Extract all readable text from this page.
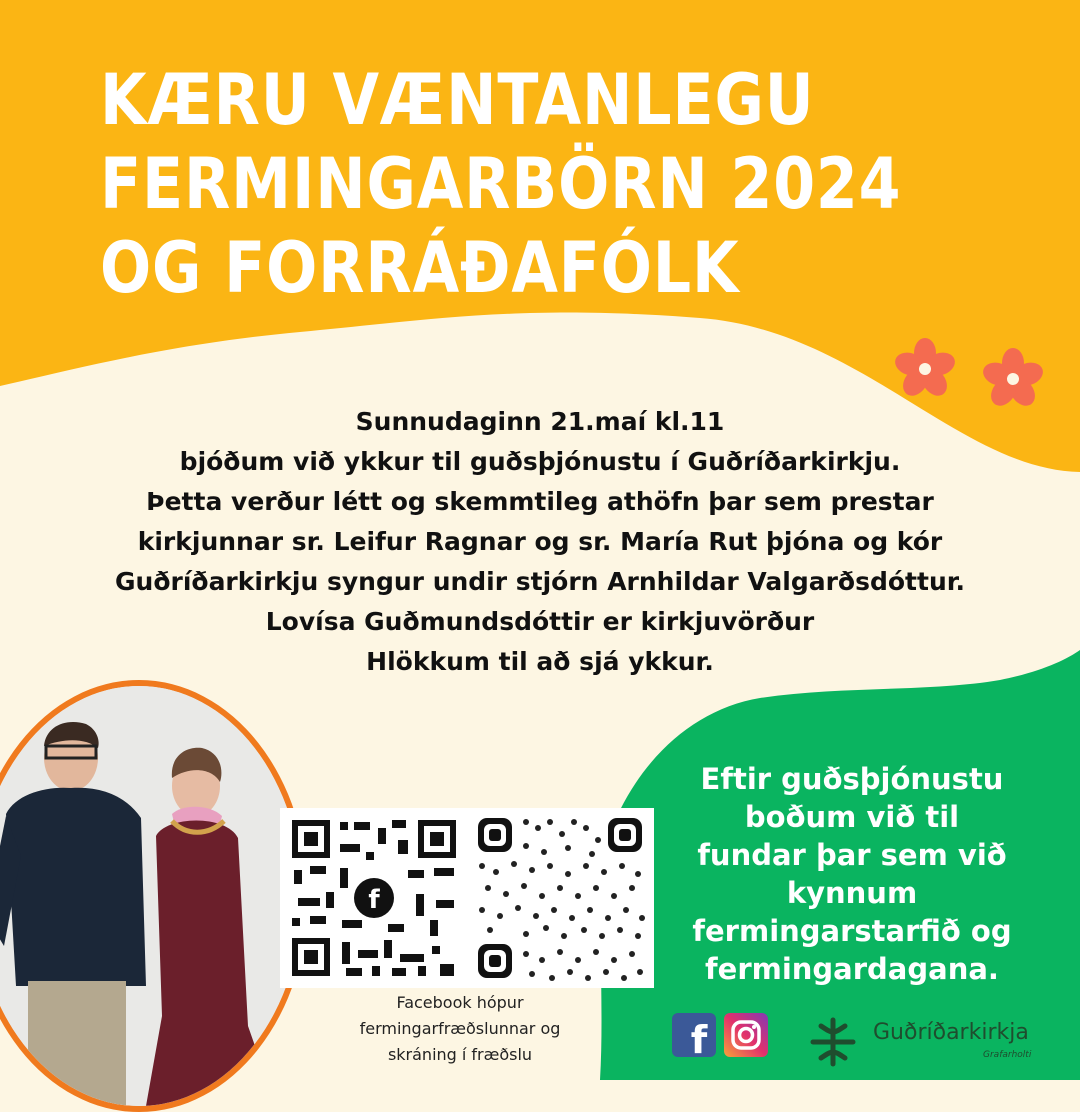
KÆRU VÆNTANLEGU
FERMINGARBÖRN 2024
OG FORRÁÐAFÓLK
Sunnudaginn 21.maí kl.11
bjóðum við ykkur til guðsþjónustu í Guðríðarkirkju.
Þetta verður létt og skemmtileg athöfn þar sem prestar
kirkjunnar sr. Leifur Ragnar og sr. María Rut þjóna og kór
Guðríðarkirkju syngur undir stjórn Arnhildar Valgarðsdóttur.
Lovísa Guðmundsdóttir er kirkjuvörður
Hlökkum til að sjá ykkur.
f
Facebook hópur
fermingarfræðslunnar og
skráning í fræðslu
Eftir guðsþjónustu
boðum við til
fundar þar sem við
kynnum
fermingarstarfið og
fermingardagana.
f	Guðríðarkirkja
Grafarholti
